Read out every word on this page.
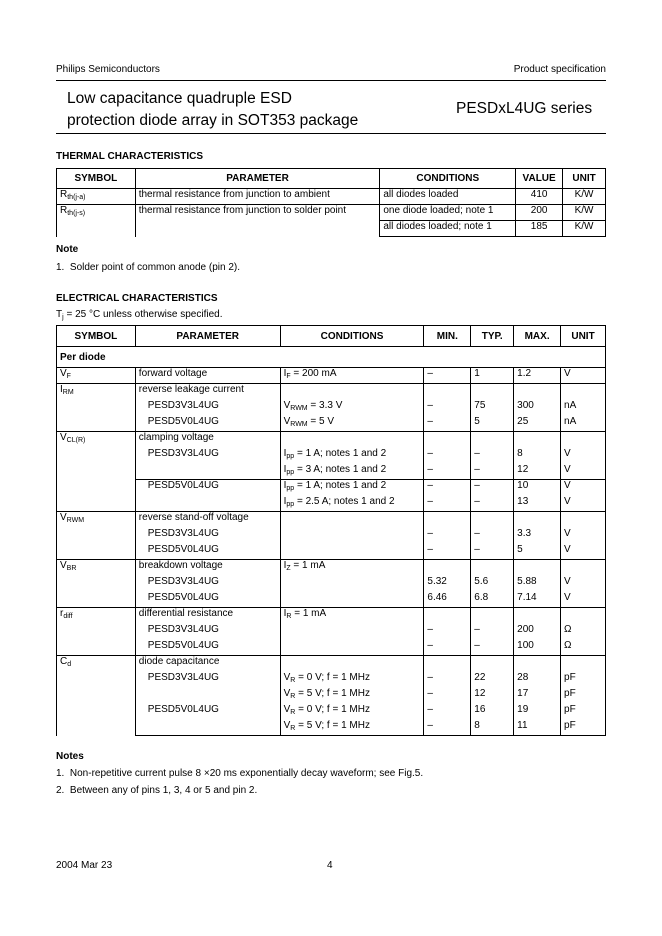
Philips Semiconductors	Product specification
Low capacitance quadruple ESD
protection diode array in SOT353 package
PESDxL4UG series
THERMAL CHARACTERISTICS
SYMBOL	PARAMETER	CONDITIONS	VALUE	UNIT
$R_{th(j-a)}$	thermal resistance from junction to ambient	all diodes loaded	410	K/W
$R_{th(j-s)}$	thermal resistance from junction to solder point	one diode loaded; note 1	200	K/W
		all diodes loaded; note 1	185	K/W
Note
1.  Solder point of common anode (pin 2).
ELECTRICAL CHARACTERISTICS
$T_j = 25$ °C unless otherwise specified.
SYMBOL	PARAMETER	CONDITIONS	MIN.	TYP.	MAX.	UNIT
Per diode						
$V_F$	forward voltage	$I_F = 200$ mA	–	1	1.2	V
$I_{RM}$	reverse leakage current					
	PESD3V3L4UG	$V_{RWM} = 3.3$ V	–	75	300	nA
	PESD5V0L4UG	$V_{RWM} = 5$ V	–	5	25	nA
$V_{CL(R)}$	clamping voltage					
	PESD3V3L4UG	$I_{pp} = 1$ A; notes 1 and 2	–	–	8	V
		$I_{pp} = 3$ A; notes 1 and 2	–	–	12	V
	PESD5V0L4UG	$I_{pp} = 1$ A; notes 1 and 2	–	–	10	V
		$I_{pp} = 2.5$ A; notes 1 and 2	–	–	13	V
$V_{RWM}$	reverse stand-off voltage					
	PESD3V3L4UG		–	–	3.3	V
	PESD5V0L4UG		–	–	5	V
$V_{BR}$	breakdown voltage	$I_Z = 1$ mA				
	PESD3V3L4UG		5.32	5.6	5.88	V
	PESD5V0L4UG		6.46	6.8	7.14	V
$r_{diff}$	differential resistance	$I_R = 1$ mA				
	PESD3V3L4UG		–	–	200	Ω
	PESD5V0L4UG		–	–	100	Ω
$C_d$	diode capacitance					
	PESD3V3L4UG	$V_R = 0$ V; f = 1 MHz	–	22	28	pF
		$V_R = 5$ V; f = 1 MHz	–	12	17	pF
	PESD5V0L4UG	$V_R = 0$ V; f = 1 MHz	–	16	19	pF
		$V_R = 5$ V; f = 1 MHz	–	8	11	pF
Notes
1.  Non-repetitive current pulse 8 ×20 ms exponentially decay waveform; see Fig.5.
2.  Between any of pins 1, 3, 4 or 5 and pin 2.
2004 Mar 23	4
